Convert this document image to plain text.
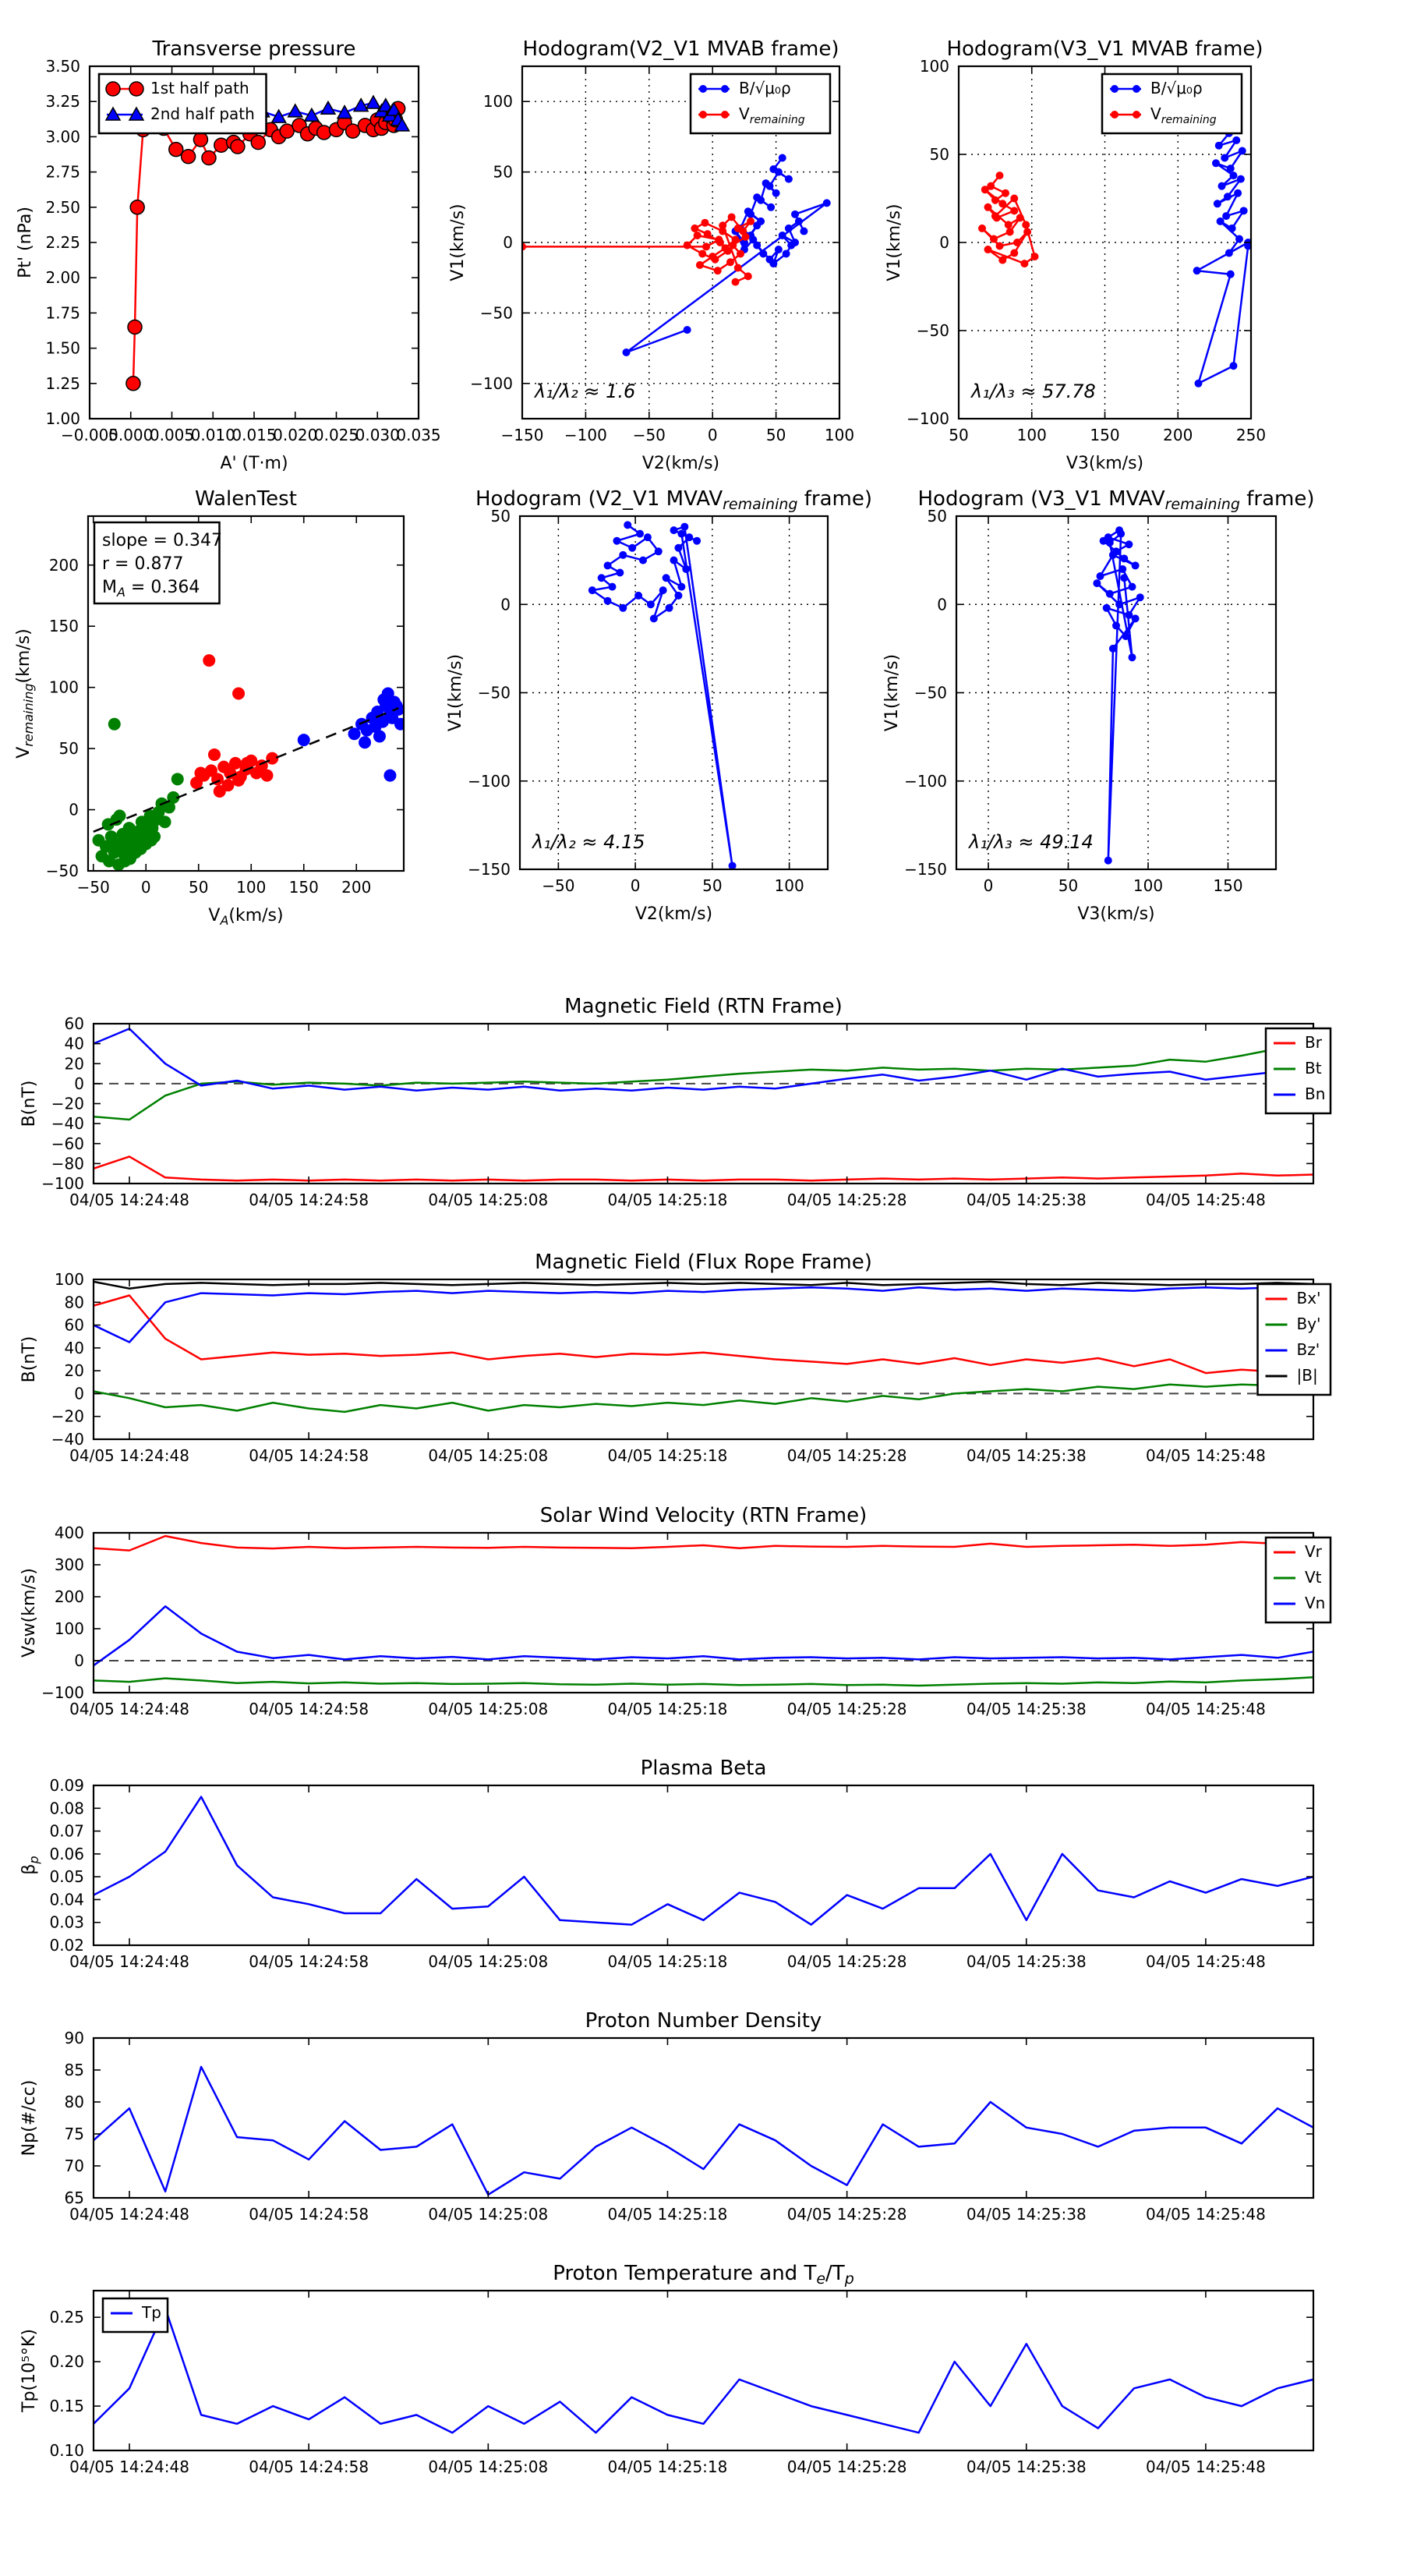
−0.005
0.000
0.005
0.010
0.015
0.020
0.025
0.030
0.035
1.00
1.25
1.50
1.75
2.00
2.25
2.50
2.75
3.00
3.25
3.50
Transverse pressure
A' (T·m)
Pt' (nPa)
1st half path
2nd half path
−150 −100 −50	0	50 100
−100
−50
0
50
100
Hodogram(V2_V1 MVAB frame)
V2(km/s)
V1(km/s)
λ₁/λ₂ ≈ 1.6
B/√μ₀ρ
$V_{remaining}$
50	100	150	200	250
−100
−50
0
50
100
Hodogram(V3_V1 MVAB frame)
V3(km/s)
V1(km/s)
λ₁/λ₃ ≈ 57.78
B/√μ₀ρ
$V_{remaining}$
−50 0 50 100 150 200
−50
0
50
100
150
200
WalenTest
$V_A(km/s)$
$V_{remaining}(km/s)$
slope = 0.347
r = 0.877
$M_A = 0.364$
−50	0	50	100
−150
−100
−50
0
50
Hodogram (V2_V1 MVAVremaining frame)
V2(km/s)
V1(km/s)
λ₁/λ₂ ≈ 4.15
0	50	100	150
−150
−100
−50
0
50
Hodogram (V3_V1 MVAVremaining frame)
V3(km/s)
V1(km/s)
λ₁/λ₃ ≈ 49.14
04/05 14:24:48	04/05 14:24:58	04/05 14:25:08	04/05 14:25:18	04/05 14:25:28	04/05 14:25:38	04/05 14:25:48
−100
−80
−60
−40
−20
0
20
40
60
Magnetic Field (RTN Frame)
B(nT)
Br
Bt
Bn
04/05 14:24:48	04/05 14:24:58	04/05 14:25:08	04/05 14:25:18	04/05 14:25:28	04/05 14:25:38	04/05 14:25:48
−40
−20
0
20
40
60
80
100
Magnetic Field (Flux Rope Frame)
B(nT)
Bx'
By'
Bz'
|B|
04/05 14:24:48	04/05 14:24:58	04/05 14:25:08	04/05 14:25:18	04/05 14:25:28	04/05 14:25:38	04/05 14:25:48
−100
0
100
200
300
400
Solar Wind Velocity (RTN Frame)
Vsw(km/s)
Vr
Vt
Vn
04/05 14:24:48	04/05 14:24:58	04/05 14:25:08	04/05 14:25:18	04/05 14:25:28	04/05 14:25:38	04/05 14:25:48
0.02
0.03
0.04
0.05
0.06
0.07
0.08
0.09
Plasma Beta
$\beta_p$
04/05 14:24:48	04/05 14:24:58	04/05 14:25:08	04/05 14:25:18	04/05 14:25:28	04/05 14:25:38	04/05 14:25:48
65
70
75
80
85
90
Proton Number Density
Np(#/cc)
04/05 14:24:48	04/05 14:24:58	04/05 14:25:08	04/05 14:25:18	04/05 14:25:28	04/05 14:25:38	04/05 14:25:48
0.10
0.15
0.20
0.25
Proton Temperature and Te/Tp
Tp(10⁵°K)
Tp
